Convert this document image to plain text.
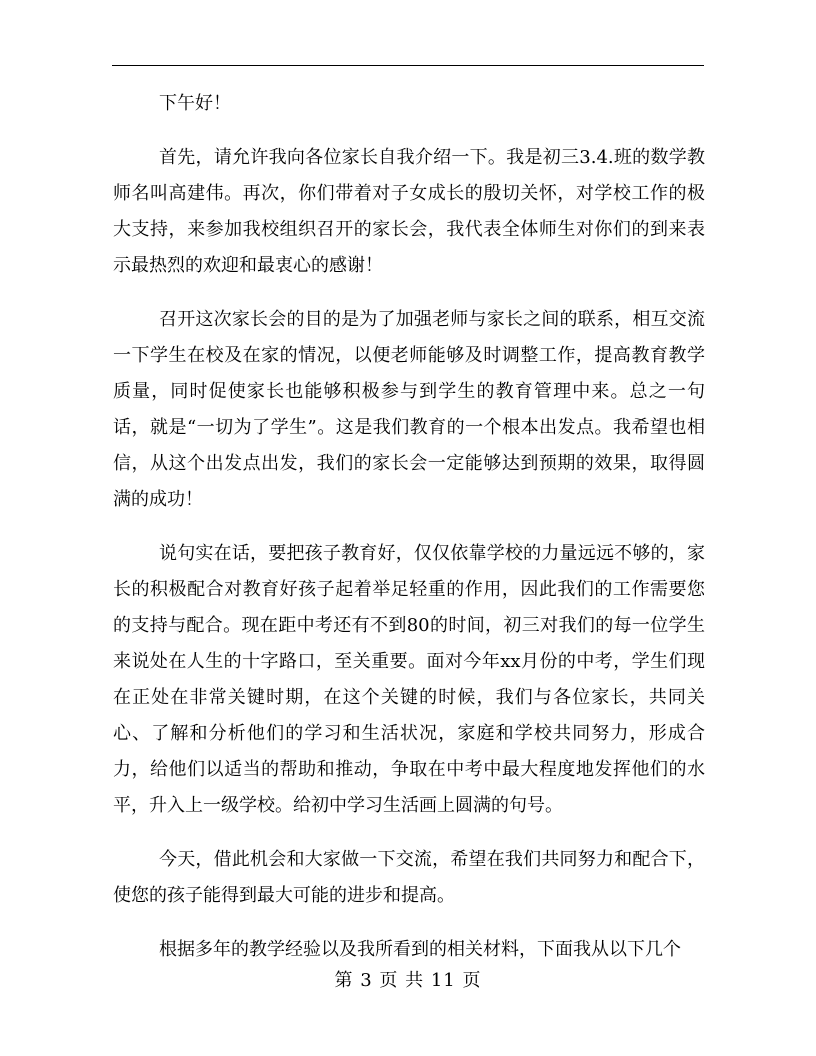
下午好！

首先，请允许我向各位家长自我介绍一下。我是初三3.4.班的数学教师名叫高建伟。再次，你们带着对子女成长的殷切关怀，对学校工作的极大支持，来参加我校组织召开的家长会，我代表全体师生对你们的到来表示最热烈的欢迎和最衷心的感谢！

召开这次家长会的目的是为了加强老师与家长之间的联系，相互交流一下学生在校及在家的情况，以便老师能够及时调整工作，提高教育教学质量，同时促使家长也能够积极参与到学生的教育管理中来。总之一句话，就是“一切为了学生”。这是我们教育的一个根本出发点。我希望也相信，从这个出发点出发，我们的家长会一定能够达到预期的效果，取得圆满的成功！

说句实在话，要把孩子教育好，仅仅依靠学校的力量远远不够的，家长的积极配合对教育好孩子起着举足轻重的作用，因此我们的工作需要您的支持与配合。现在距中考还有不到80的时间，初三对我们的每一位学生来说处在人生的十字路口，至关重要。面对今年xx月份的中考，学生们现在正处在非常关键时期，在这个关键的时候，我们与各位家长，共同关心、了解和分析他们的学习和生活状况，家庭和学校共同努力，形成合力，给他们以适当的帮助和推动，争取在中考中最大程度地发挥他们的水平，升入上一级学校。给初中学习生活画上圆满的句号。

今天，借此机会和大家做一下交流，希望在我们共同努力和配合下，使您的孩子能得到最大可能的进步和提高。

根据多年的教学经验以及我所看到的相关材料，下面我从以下几个

第 3 页 共 11 页
